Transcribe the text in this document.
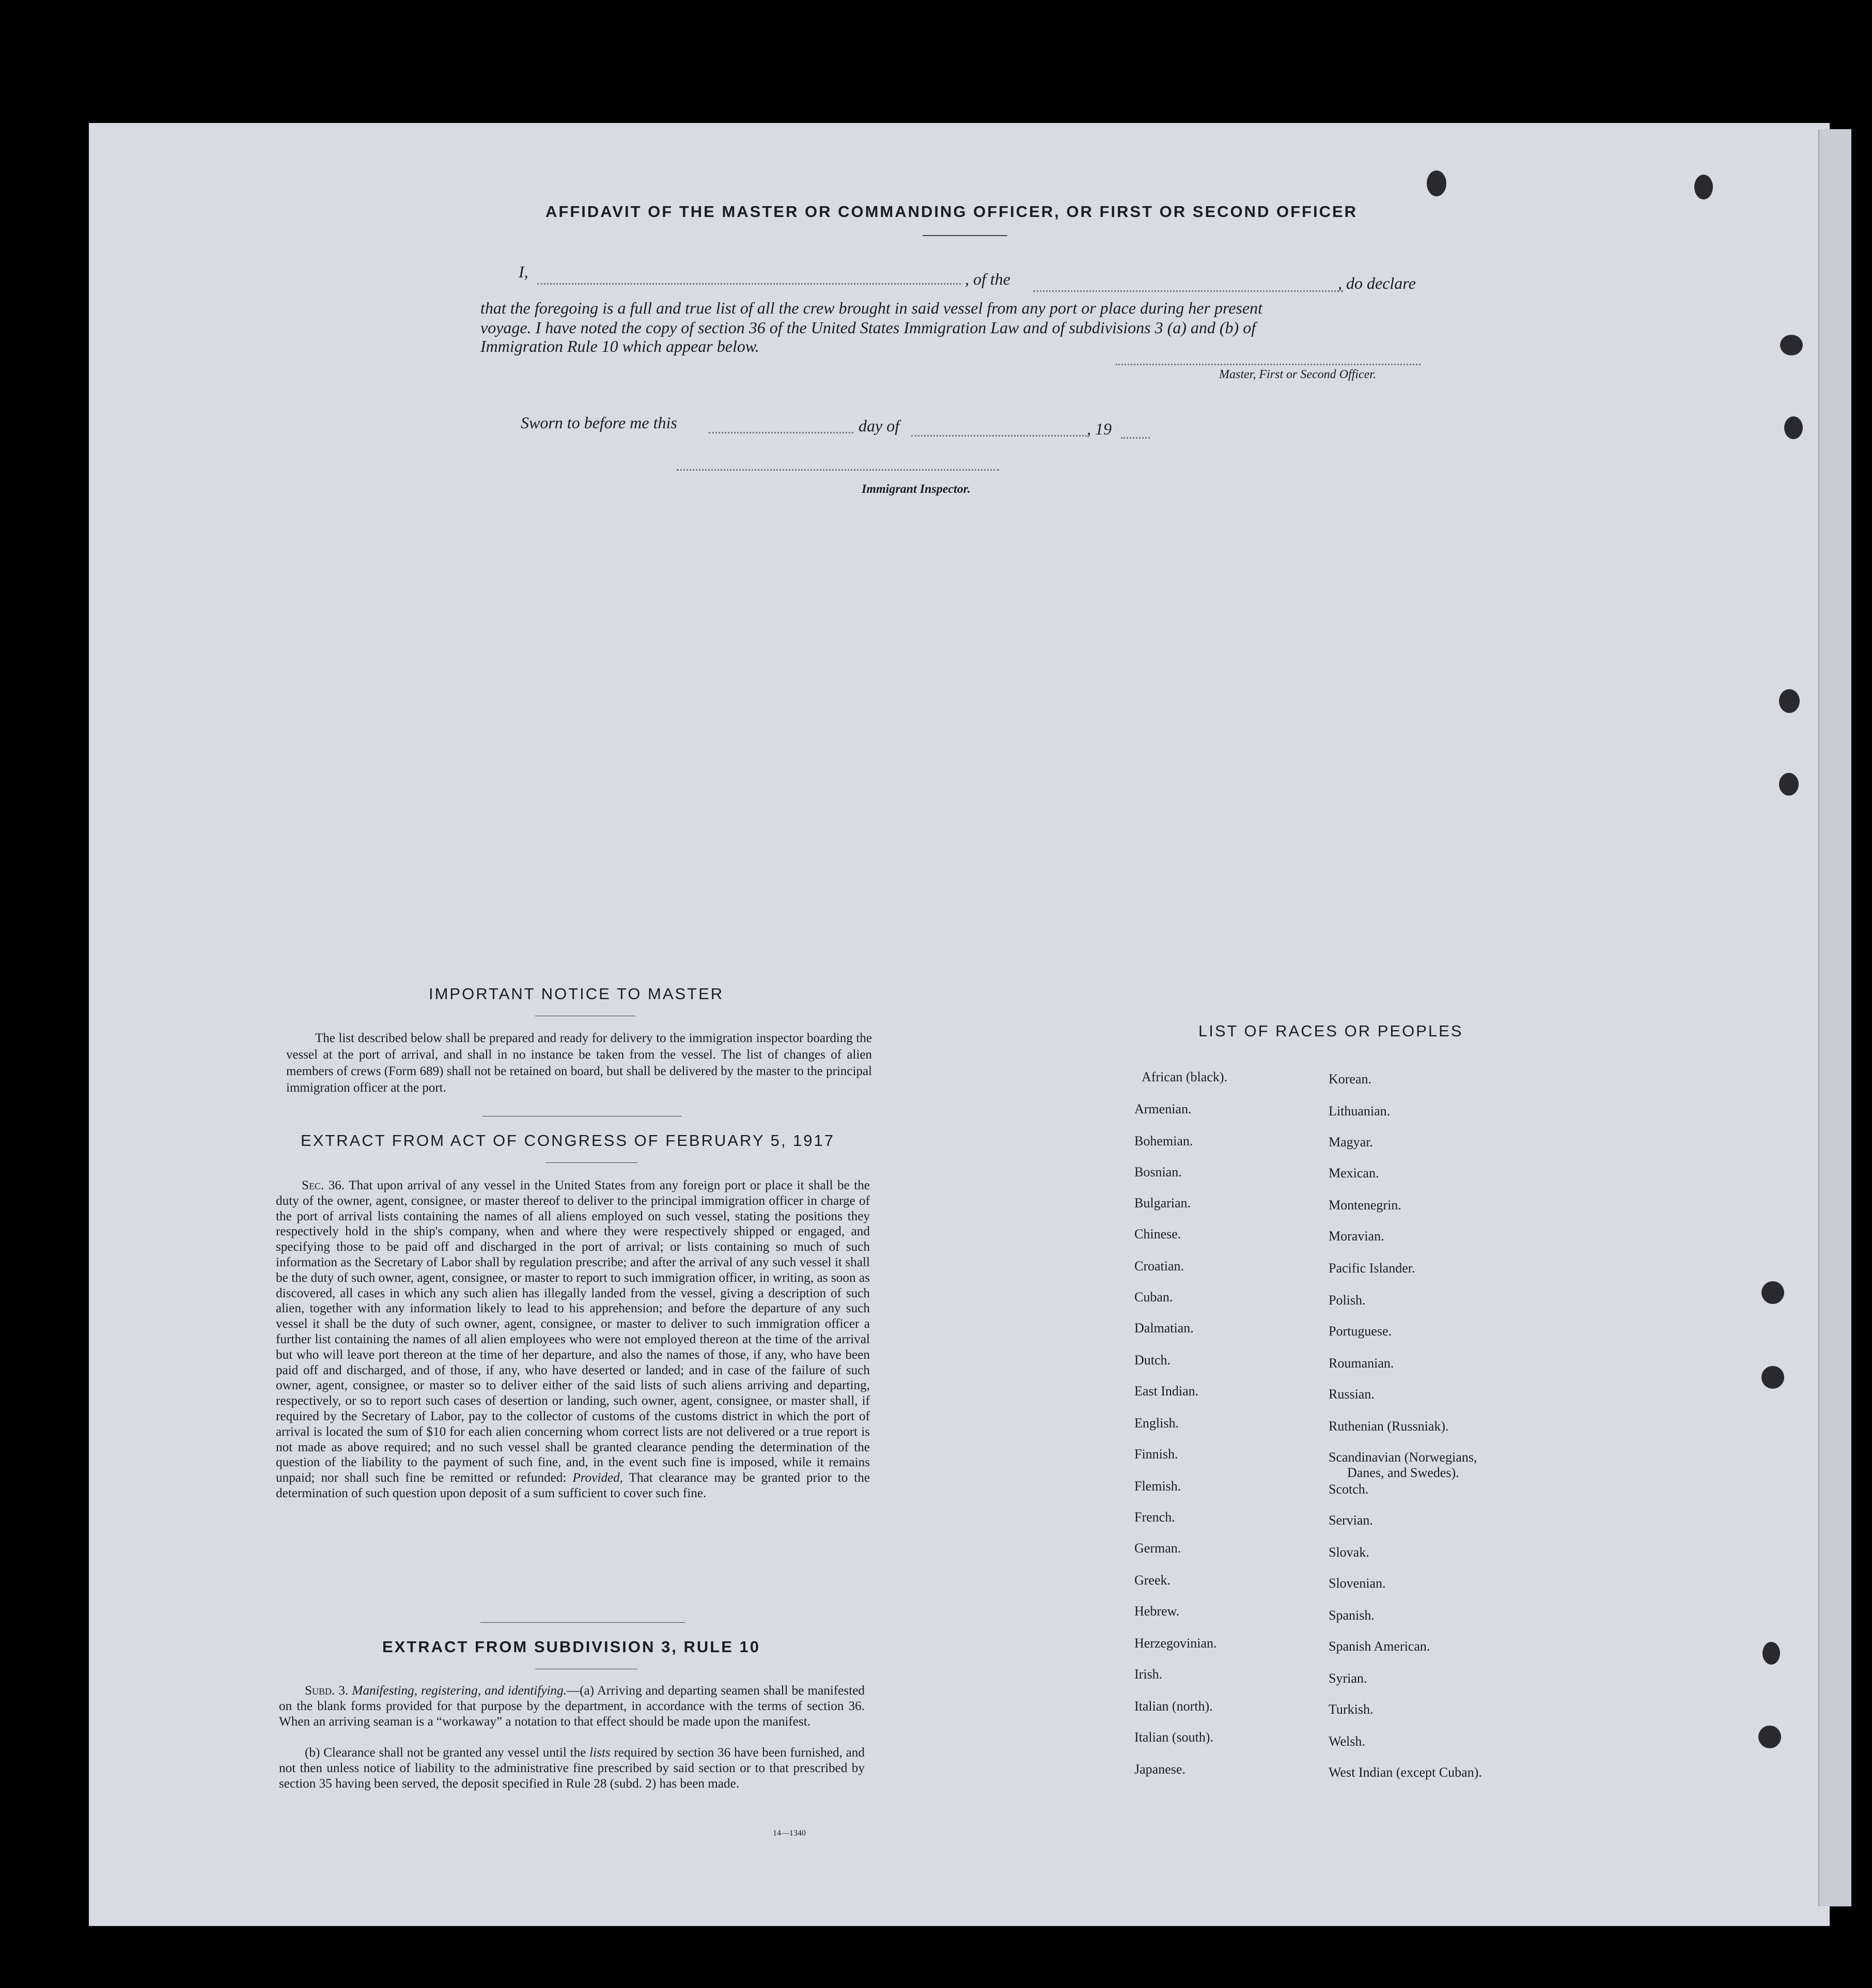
AFFIDAVIT OF THE MASTER OR COMMANDING OFFICER, OR FIRST OR SECOND OFFICER
I,	, of the	, do declare
that the foregoing is a full and true list of all the crew brought in said vessel from any port or place during her present
voyage. I have noted the copy of section 36 of the United States Immigration Law and of subdivisions 3 (a) and (b) of
Immigration Rule 10 which appear below.
Master, First or Second Officer.
Sworn to before me this	day of	, 19
Immigrant Inspector.
IMPORTANT NOTICE TO MASTER
The list described below shall be prepared and ready for delivery to the immigration inspector boarding the vessel at the port of arrival, and shall in no instance be taken from the vessel. The list of changes of alien members of crews (Form 689) shall not be retained on board, but shall be delivered by the master to the principal immigration officer at the port.
EXTRACT FROM ACT OF CONGRESS OF FEBRUARY 5, 1917
Sec. 36. That upon arrival of any vessel in the United States from any foreign port or place it shall be the duty of the owner, agent, consignee, or master thereof to deliver to the principal immigration officer in charge of the port of arrival lists containing the names of all aliens employed on such vessel, stating the positions they respectively hold in the ship's company, when and where they were respectively shipped or engaged, and specifying those to be paid off and discharged in the port of arrival; or lists containing so much of such information as the Secretary of Labor shall by regulation prescribe; and after the arrival of any such vessel it shall be the duty of such owner, agent, consignee, or master to report to such immigration officer, in writing, as soon as discovered, all cases in which any such alien has illegally landed from the vessel, giving a description of such alien, together with any information likely to lead to his apprehension; and before the departure of any such vessel it shall be the duty of such owner, agent, consignee, or master to deliver to such immigration officer a further list containing the names of all alien employees who were not employed thereon at the time of the arrival but who will leave port thereon at the time of her departure, and also the names of those, if any, who have been paid off and discharged, and of those, if any, who have deserted or landed; and in case of the failure of such owner, agent, consignee, or master so to deliver either of the said lists of such aliens arriving and departing, respectively, or so to report such cases of desertion or landing, such owner, agent, consignee, or master shall, if required by the Secretary of Labor, pay to the collector of customs of the customs district in which the port of arrival is located the sum of $10 for each alien concerning whom correct lists are not delivered or a true report is not made as above required; and no such vessel shall be granted clearance pending the determination of the question of the liability to the payment of such fine, and, in the event such fine is imposed, while it remains unpaid; nor shall such fine be remitted or refunded: Provided, That clearance may be granted prior to the determination of such question upon deposit of a sum sufficient to cover such fine.
EXTRACT FROM SUBDIVISION 3, RULE 10
Subd. 3. Manifesting, registering, and identifying.—(a) Arriving and departing seamen shall be manifested on the blank forms provided for that purpose by the department, in accordance with the terms of section 36. When an arriving seaman is a “workaway” a notation to that effect should be made upon the manifest.
(b) Clearance shall not be granted any vessel until the lists required by section 36 have been furnished, and not then unless notice of liability to the administrative fine prescribed by said section or to that prescribed by section 35 having been served, the deposit specified in Rule 28 (subd. 2) has been made.
14—1340
LIST OF RACES OR PEOPLES
African (black).
Armenian.
Bohemian.
Bosnian.
Bulgarian.
Chinese.
Croatian.
Cuban.
Dalmatian.
Dutch.
East Indian.
English.
Finnish.
Flemish.
French.
German.
Greek.
Hebrew.
Herzegovinian.
Irish.
Italian (north).
Italian (south).
Japanese.
Korean.
Lithuanian.
Magyar.
Mexican.
Montenegrin.
Moravian.
Pacific Islander.
Polish.
Portuguese.
Roumanian.
Russian.
Ruthenian (Russniak).
Scandinavian (Norwegians,
Danes, and Swedes).
Scotch.
Servian.
Slovak.
Slovenian.
Spanish.
Spanish American.
Syrian.
Turkish.
Welsh.
West Indian (except Cuban).
